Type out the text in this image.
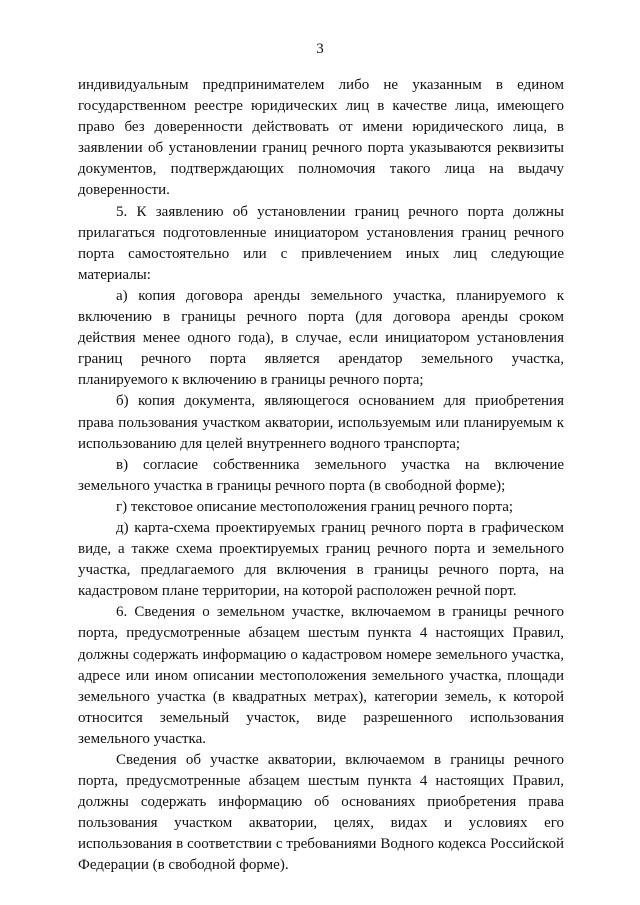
3

индивидуальным предпринимателем либо не указанным в едином государственном реестре юридических лиц в качестве лица, имеющего право без доверенности действовать от имени юридического лица, в заявлении об установлении границ речного порта указываются реквизиты документов, подтверждающих полномочия такого лица на выдачу доверенности.

5. К заявлению об установлении границ речного порта должны прилагаться подготовленные инициатором установления границ речного порта самостоятельно или с привлечением иных лиц следующие материалы:

а) копия договора аренды земельного участка, планируемого к включению в границы речного порта (для договора аренды сроком действия менее одного года), в случае, если инициатором установления границ речного порта является арендатор земельного участка, планируемого к включению в границы речного порта;

б) копия документа, являющегося основанием для приобретения права пользования участком акватории, используемым или планируемым к использованию для целей внутреннего водного транспорта;

в) согласие собственника земельного участка на включение земельного участка в границы речного порта (в свободной форме);

г) текстовое описание местоположения границ речного порта;

д) карта-схема проектируемых границ речного порта в графическом виде, а также схема проектируемых границ речного порта и земельного участка, предлагаемого для включения в границы речного порта, на кадастровом плане территории, на которой расположен речной порт.

6. Сведения о земельном участке, включаемом в границы речного порта, предусмотренные абзацем шестым пункта 4 настоящих Правил, должны содержать информацию о кадастровом номере земельного участка, адресе или ином описании местоположения земельного участка, площади земельного участка (в квадратных метрах), категории земель, к которой относится земельный участок, виде разрешенного использования земельного участка.

Сведения об участке акватории, включаемом в границы речного порта, предусмотренные абзацем шестым пункта 4 настоящих Правил, должны содержать информацию об основаниях приобретения права пользования участком акватории, целях, видах и условиях его использования в соответствии с требованиями Водного кодекса Российской Федерации (в свободной форме).
